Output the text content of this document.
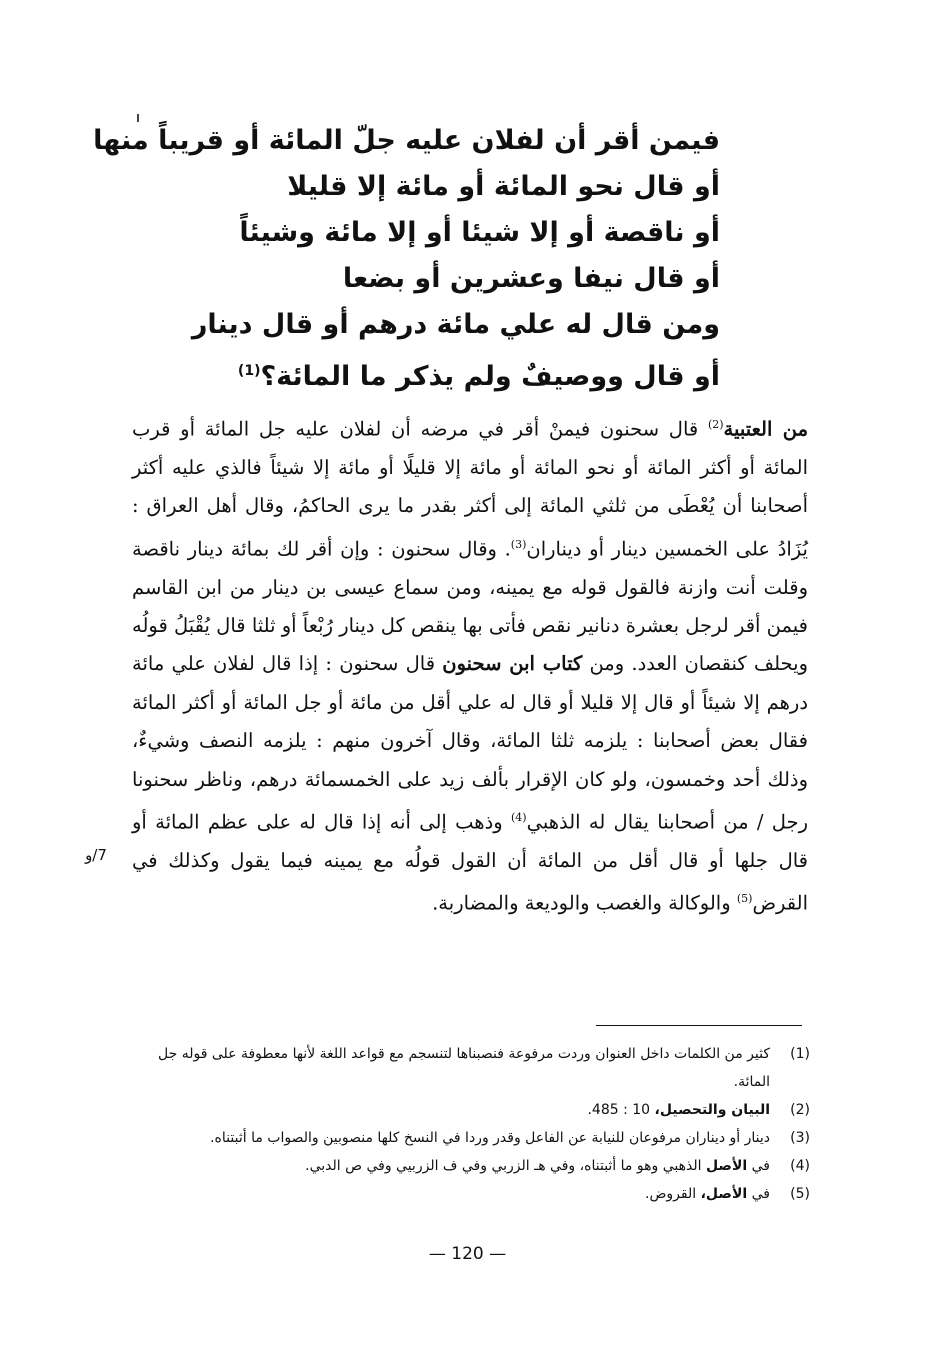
فيمن أقر أن لفلان عليه جلّ المائة أو قريباً منها
أو قال نحو المائة أو مائة إلا قليلا
أو ناقصة أو إلا شيئا أو إلا مائة وشيئاً
أو قال نيفا وعشرين أو بضعا
ومن قال له علي مائة درهم أو قال دينار
أو قال ووصيفٌ ولم يذكر ما المائة؟$^{(1)}$

من العتبية$^{(2)}$ قال سحنون فيمنْ أقر في مرضه أن لفلان عليه جل المائة أو قرب المائة أو أكثر المائة أو نحو المائة أو مائة إلا قليلًا أو مائة إلا شيئاً فالذي عليه أكثر أصحابنا أن يُعْطَى من ثلثي المائة إلى أكثر بقدر ما يرى الحاكمُ، وقال أهل العراق : يُزَادُ على الخمسين دينار أو ديناران$^{(3)}$. وقال سحنون : وإن أقر لك بمائة دينار ناقصة وقلت أنت وازنة فالقول قوله مع يمينه، ومن سماع عيسى بن دينار من ابن القاسم فيمن أقر لرجل بعشرة دنانير نقص فأتى بها ينقص كل دينار رُبْعاً أو ثلثا قال يُقْبَلُ قولُه ويحلف كنقصان العدد. ومن كتاب ابن سحنون قال سحنون : إذا قال لفلان علي مائة درهم إلا شيئاً أو قال إلا قليلا أو قال له علي أقل من مائة أو جل المائة أو أكثر المائة فقال بعض أصحابنا : يلزمه ثلثا المائة، وقال آخرون منهم : يلزمه النصف وشيءٌ، وذلك أحد وخمسون، ولو كان الإقرار بألف زيد على الخمسمائة درهم، وناظر سحنونا رجل / من أصحابنا يقال له الذهبي$^{(4)}$ وذهب إلى أنه إذا قال له على عظم المائة أو قال جلها أو قال أقل من المائة أن القول قولُه مع يمينه فيما يقول وكذلك في القرض$^{(5)}$ والوكالة والغصب والوديعة والمضاربة.

7/و
(1)
كثير من الكلمات داخل العنوان وردت مرفوعة فنصبناها لتنسجم مع قواعد اللغة لأنها معطوفة على قوله جل المائة.
(2)
البيان والتحصيل، 10 : 485.
(3)
دينار أو ديناران مرفوعان للنيابة عن الفاعل وقدر وردا في النسخ كلها منصوبين والصواب ما أثبتناه.
(4)
في الأصل الذهبي وهو ما أثبتناه، وفي هـ الزربي وفي ف الزربيي وفي ص الدبي.
(5)
في الأصل، القروض.
— 120 —
